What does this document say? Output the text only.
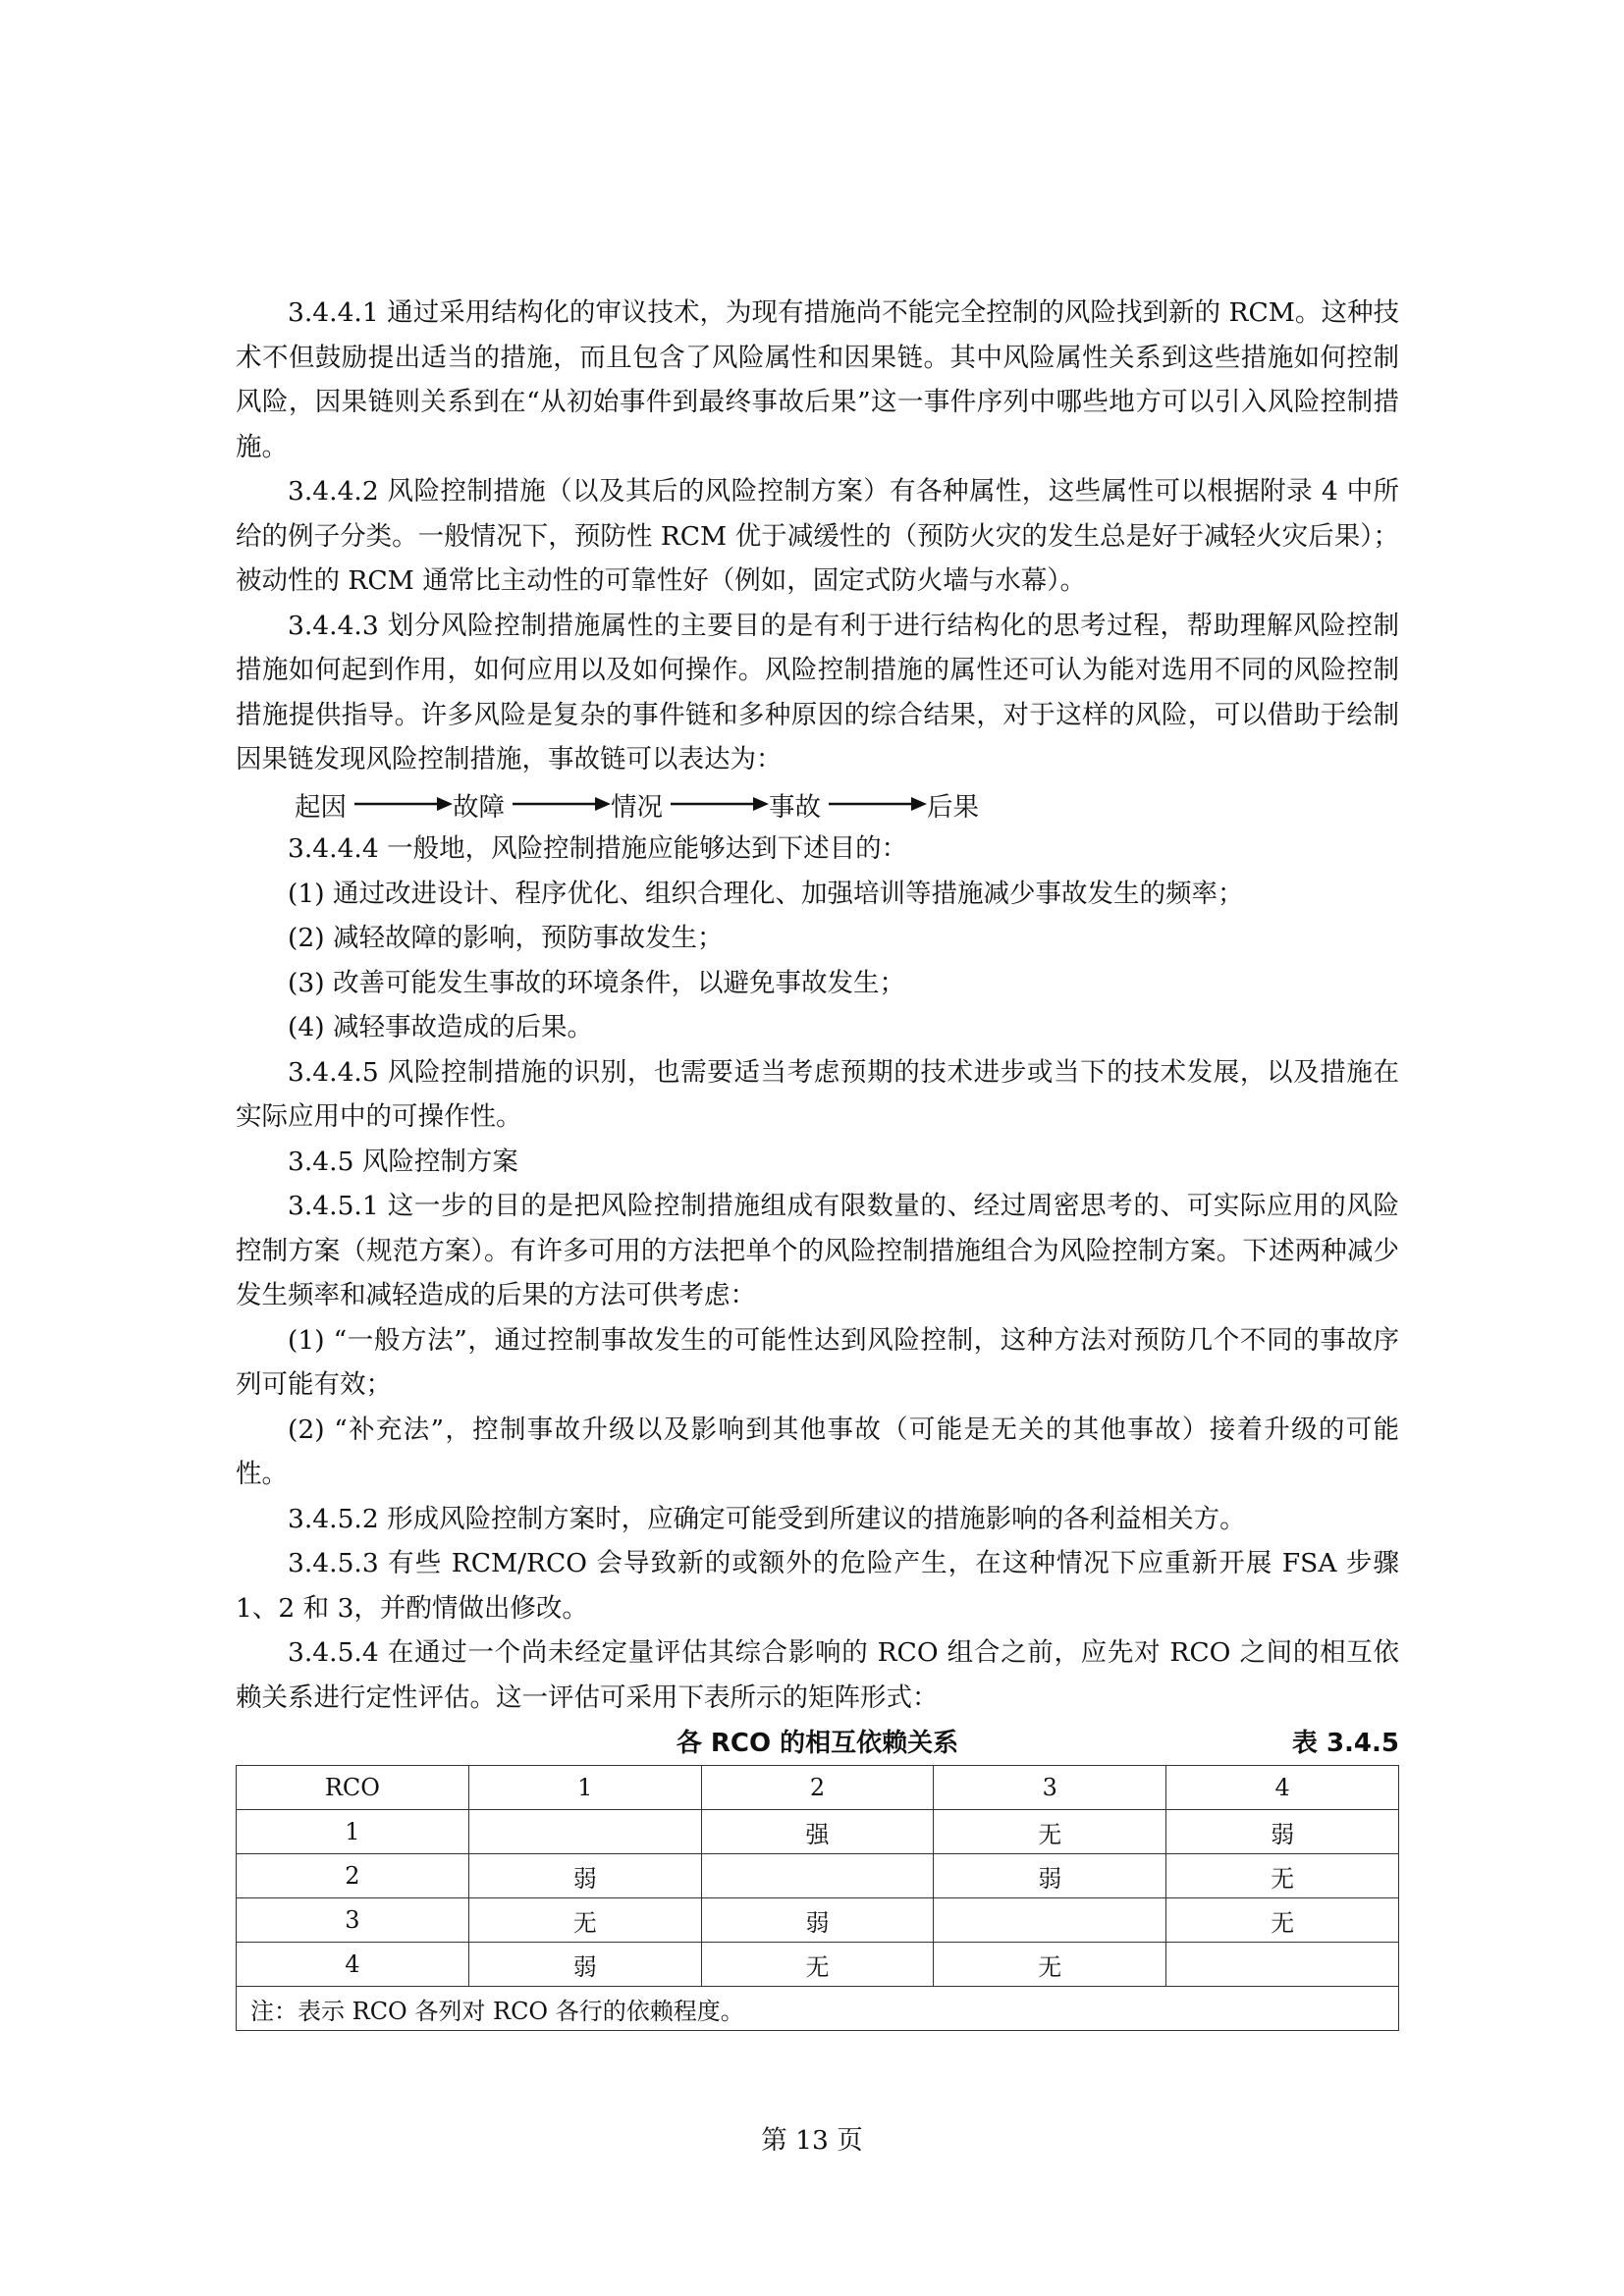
3.4.4.1 通过采用结构化的审议技术，为现有措施尚不能完全控制的风险找到新的 RCM。这种技术不但鼓励提出适当的措施，而且包含了风险属性和因果链。其中风险属性关系到这些措施如何控制风险，因果链则关系到在“从初始事件到最终事故后果”这一事件序列中哪些地方可以引入风险控制措施。

3.4.4.2 风险控制措施（以及其后的风险控制方案）有各种属性，这些属性可以根据附录 4 中所给的例子分类。一般情况下，预防性 RCM 优于减缓性的（预防火灾的发生总是好于减轻火灾后果）；被动性的 RCM 通常比主动性的可靠性好（例如，固定式防火墙与水幕）。

3.4.4.3 划分风险控制措施属性的主要目的是有利于进行结构化的思考过程，帮助理解风险控制措施如何起到作用，如何应用以及如何操作。风险控制措施的属性还可认为能对选用不同的风险控制措施提供指导。许多风险是复杂的事件链和多种原因的综合结果，对于这样的风险，可以借助于绘制因果链发现风险控制措施，事故链可以表达为：

起因	故障	情况	事故	后果

3.4.4.4 一般地，风险控制措施应能够达到下述目的：

(1) 通过改进设计、程序优化、组织合理化、加强培训等措施减少事故发生的频率；

(2) 减轻故障的影响，预防事故发生；

(3) 改善可能发生事故的环境条件，以避免事故发生；

(4) 减轻事故造成的后果。

3.4.4.5 风险控制措施的识别，也需要适当考虑预期的技术进步或当下的技术发展，以及措施在实际应用中的可操作性。

3.4.5 风险控制方案

3.4.5.1 这一步的目的是把风险控制措施组成有限数量的、经过周密思考的、可实际应用的风险控制方案（规范方案）。有许多可用的方法把单个的风险控制措施组合为风险控制方案。下述两种减少发生频率和减轻造成的后果的方法可供考虑：

(1) “一般方法”，通过控制事故发生的可能性达到风险控制，这种方法对预防几个不同的事故序列可能有效；

(2) “补充法”，控制事故升级以及影响到其他事故（可能是无关的其他事故）接着升级的可能性。

3.4.5.2 形成风险控制方案时，应确定可能受到所建议的措施影响的各利益相关方。

3.4.5.3 有些 RCM/RCO 会导致新的或额外的危险产生，在这种情况下应重新开展 FSA 步骤 1、2 和 3，并酌情做出修改。

3.4.5.4 在通过一个尚未经定量评估其综合影响的 RCO 组合之前，应先对 RCO 之间的相互依赖关系进行定性评估。这一评估可采用下表所示的矩阵形式：

各 RCO 的相互依赖关系	表 3.4.5
RCO	1	2	3	4
1		强	无	弱
2	弱		弱	无
3	无	弱		无
4	弱	无	无	
注：表示 RCO 各列对 RCO 各行的依赖程度。				
第 13 页
